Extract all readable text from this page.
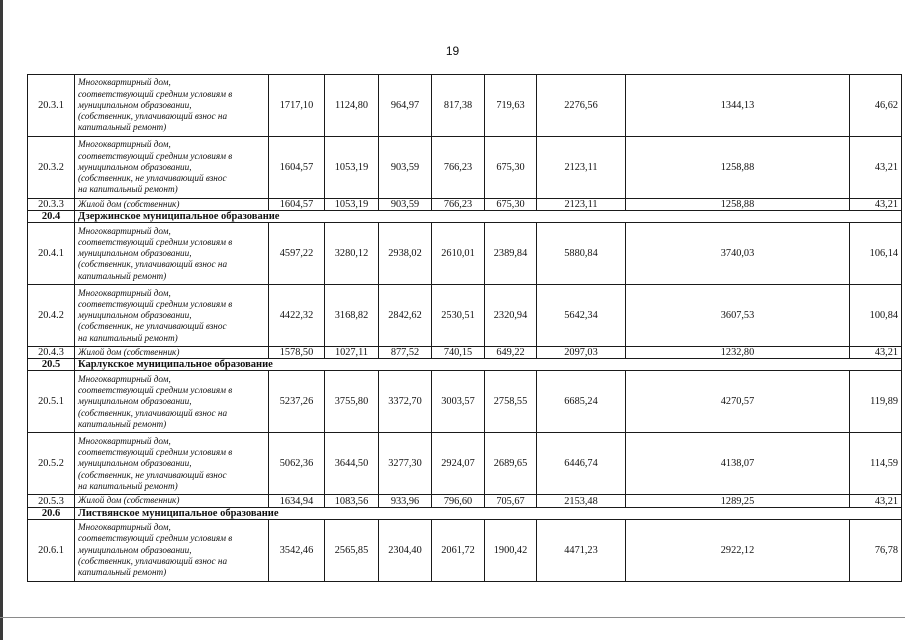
19
20.3.1	Многоквартирный дом,
соответствующий средним условиям в
муниципальном образовании,
(собственник, уплачивающий взнос на
капитальный ремонт)	1717,10	1124,80	964,97	817,38	719,63	2276,56	1344,13	46,62
20.3.2	Многоквартирный дом,
соответствующий средним условиям в
муниципальном образовании,
(собственник, не уплачивающий взнос
на капитальный ремонт)	1604,57	1053,19	903,59	766,23	675,30	2123,11	1258,88	43,21
20.3.3	Жилой дом (собственник)	1604,57	1053,19	903,59	766,23	675,30	2123,11	1258,88	43,21
20.4	Дзержинское муниципальное образование								
20.4.1	Многоквартирный дом,
соответствующий средним условиям в
муниципальном образовании,
(собственник, уплачивающий взнос на
капитальный ремонт)	4597,22	3280,12	2938,02	2610,01	2389,84	5880,84	3740,03	106,14
20.4.2	Многоквартирный дом,
соответствующий средним условиям в
муниципальном образовании,
(собственник, не уплачивающий взнос
на капитальный ремонт)	4422,32	3168,82	2842,62	2530,51	2320,94	5642,34	3607,53	100,84
20.4.3	Жилой дом (собственник)	1578,50	1027,11	877,52	740,15	649,22	2097,03	1232,80	43,21
20.5	Карлукское муниципальное образование								
20.5.1	Многоквартирный дом,
соответствующий средним условиям в
муниципальном образовании,
(собственник, уплачивающий взнос на
капитальный ремонт)	5237,26	3755,80	3372,70	3003,57	2758,55	6685,24	4270,57	119,89
20.5.2	Многоквартирный дом,
соответствующий средним условиям в
муниципальном образовании,
(собственник, не уплачивающий взнос
на капитальный ремонт)	5062,36	3644,50	3277,30	2924,07	2689,65	6446,74	4138,07	114,59
20.5.3	Жилой дом (собственник)	1634,94	1083,56	933,96	796,60	705,67	2153,48	1289,25	43,21
20.6	Листвянское муниципальное образование								
20.6.1	Многоквартирный дом,
соответствующий средним условиям в
муниципальном образовании,
(собственник, уплачивающий взнос на
капитальный ремонт)	3542,46	2565,85	2304,40	2061,72	1900,42	4471,23	2922,12	76,78
